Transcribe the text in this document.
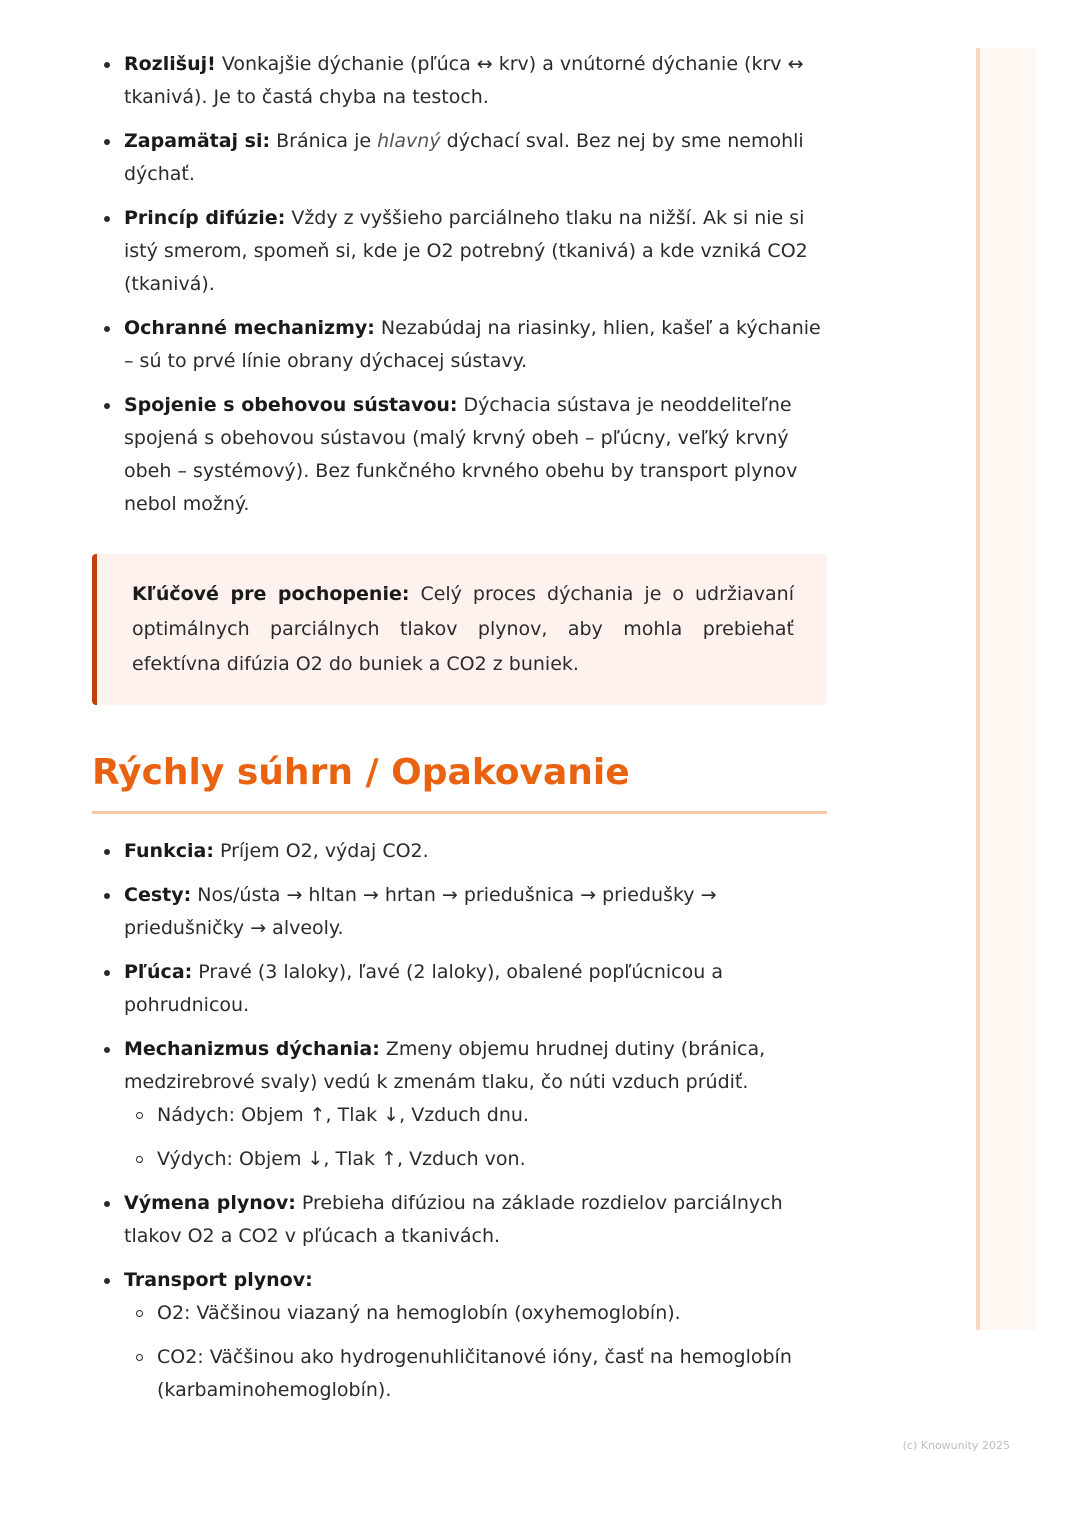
Rozlišuj! Vonkajšie dýchanie (pľúca ↔ krv) a vnútorné dýchanie (krv ↔ tkanivá). Je to častá chyba na testoch.
Zapamätaj si: Bránica je hlavný dýchací sval. Bez nej by sme nemohli dýchať.
Princíp difúzie: Vždy z vyššieho parciálneho tlaku na nižší. Ak si nie si istý smerom, spomeň si, kde je O2 potrebný (tkanivá) a kde vzniká CO2 (tkanivá).
Ochranné mechanizmy: Nezabúdaj na riasinky, hlien, kašeľ a kýchanie – sú to prvé línie obrany dýchacej sústavy.
Spojenie s obehovou sústavou: Dýchacia sústava je neoddeliteľne spojená s obehovou sústavou (malý krvný obeh – pľúcny, veľký krvný obeh – systémový). Bez funkčného krvného obehu by transport plynov nebol možný.
Kľúčové pre pochopenie: Celý proces dýchania je o udržiavaní optimálnych parciálnych tlakov plynov, aby mohla prebiehať efektívna difúzia O2 do buniek a CO2 z buniek.
Rýchly súhrn / Opakovanie
Funkcia: Príjem O2, výdaj CO2.
Cesty: Nos/ústa → hltan → hrtan → priedušnica → priedušky → priedušničky → alveoly.
Pľúca: Pravé (3 laloky), ľavé (2 laloky), obalené popľúcnicou a pohrudnicou.
Mechanizmus dýchania: Zmeny objemu hrudnej dutiny (bránica, medzirebrové svaly) vedú k zmenám tlaku, čo núti vzduch prúdiť.
Nádych: Objem ↑, Tlak ↓, Vzduch dnu.
Výdych: Objem ↓, Tlak ↑, Vzduch von.
Výmena plynov: Prebieha difúziou na základe rozdielov parciálnych tlakov O2 a CO2 v pľúcach a tkanivách.
Transport plynov:
O2: Väčšinou viazaný na hemoglobín (oxyhemoglobín).
CO2: Väčšinou ako hydrogenuhličitanové ióny, časť na hemoglobín (karbaminohemoglobín).
(c) Knowunity 2025
